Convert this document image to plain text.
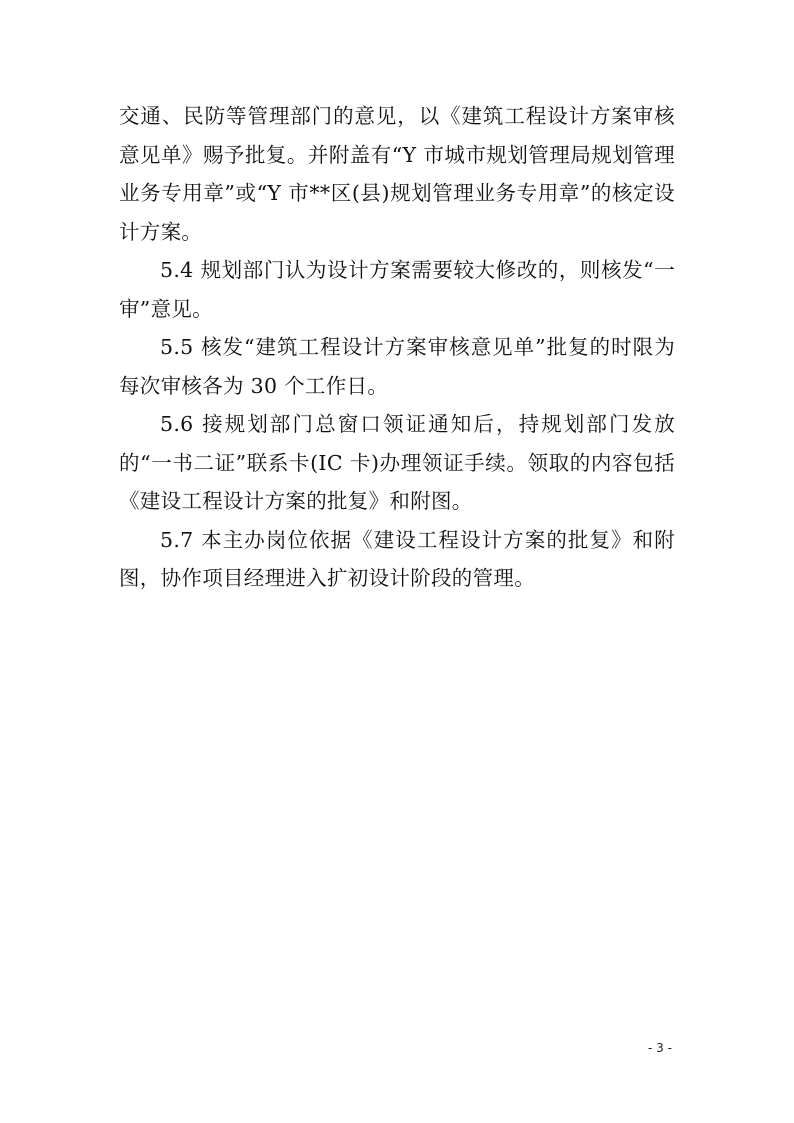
交通、民防等管理部门的意见，以《建筑工程设计方案审核意见单》赐予批复。并附盖有“Y 市城市规划管理局规划管理业务专用章”或“Y 市**区(县)规划管理业务专用章”的核定设计方案。

5.4 规划部门认为设计方案需要较大修改的，则核发“一审”意见。

5.5 核发“建筑工程设计方案审核意见单”批复的时限为每次审核各为 30 个工作日。

5.6 接规划部门总窗口领证通知后，持规划部门发放的“一书二证”联系卡(IC 卡)办理领证手续。领取的内容包括《建设工程设计方案的批复》和附图。

5.7 本主办岗位依据《建设工程设计方案的批复》和附图，协作项目经理进入扩初设计阶段的管理。

- 3 -
